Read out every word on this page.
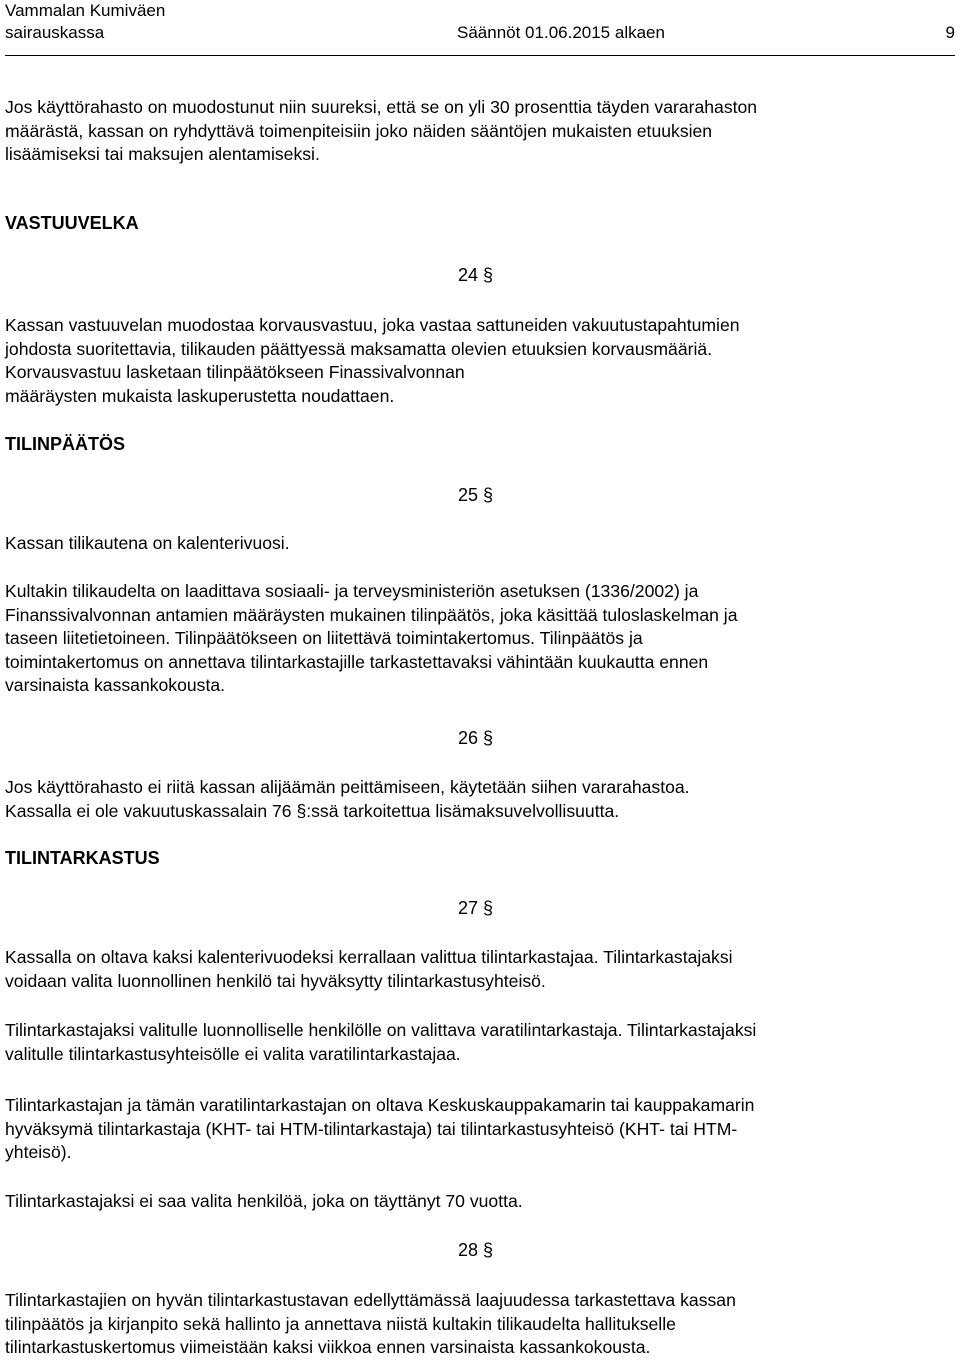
Vammalan Kumiväen
sairauskassa	Säännöt 01.06.2015 alkaen	9
Jos käyttörahasto on muodostunut niin suureksi, että se on yli 30 prosenttia täyden vararahaston
määrästä, kassan on ryhdyttävä toimenpiteisiin joko näiden sääntöjen mukaisten etuuksien
lisäämiseksi tai maksujen alentamiseksi.
VASTUUVELKA
24 §
Kassan vastuuvelan muodostaa korvausvastuu, joka vastaa sattuneiden vakuutustapahtumien
johdosta suoritettavia, tilikauden päättyessä maksamatta olevien etuuksien korvausmääriä.
Korvausvastuu lasketaan tilinpäätökseen Finassivalvonnan
määräysten mukaista laskuperustetta noudattaen.
TILINPÄÄTÖS
25 §
Kassan tilikautena on kalenterivuosi.
Kultakin tilikaudelta on laadittava sosiaali- ja terveysministeriön asetuksen (1336/2002) ja
Finanssivalvonnan antamien määräysten mukainen tilinpäätös, joka käsittää tuloslaskelman ja
taseen liitetietoineen. Tilinpäätökseen on liitettävä toimintakertomus. Tilinpäätös ja
toimintakertomus on annettava tilintarkastajille tarkastettavaksi vähintään kuukautta ennen
varsinaista kassankokousta.
26 §
Jos käyttörahasto ei riitä kassan alijäämän peittämiseen, käytetään siihen vararahastoa.
Kassalla ei ole vakuutuskassalain 76 §:ssä tarkoitettua lisämaksuvelvollisuutta.
TILINTARKASTUS
27 §
Kassalla on oltava kaksi kalenterivuodeksi kerrallaan valittua tilintarkastajaa. Tilintarkastajaksi
voidaan valita luonnollinen henkilö tai hyväksytty tilintarkastusyhteisö.
Tilintarkastajaksi valitulle luonnolliselle henkilölle on valittava varatilintarkastaja. Tilintarkastajaksi
valitulle tilintarkastusyhteisölle ei valita varatilintarkastajaa.
Tilintarkastajan ja tämän varatilintarkastajan on oltava Keskuskauppakamarin tai kauppakamarin
hyväksymä tilintarkastaja (KHT- tai HTM-tilintarkastaja) tai tilintarkastusyhteisö (KHT- tai HTM-
yhteisö).
Tilintarkastajaksi ei saa valita henkilöä, joka on täyttänyt 70 vuotta.
28 §
Tilintarkastajien on hyvän tilintarkastustavan edellyttämässä laajuudessa tarkastettava kassan
tilinpäätös ja kirjanpito sekä hallinto ja annettava niistä kultakin tilikaudelta hallitukselle
tilintarkastuskertomus viimeistään kaksi viikkoa ennen varsinaista kassankokousta.
